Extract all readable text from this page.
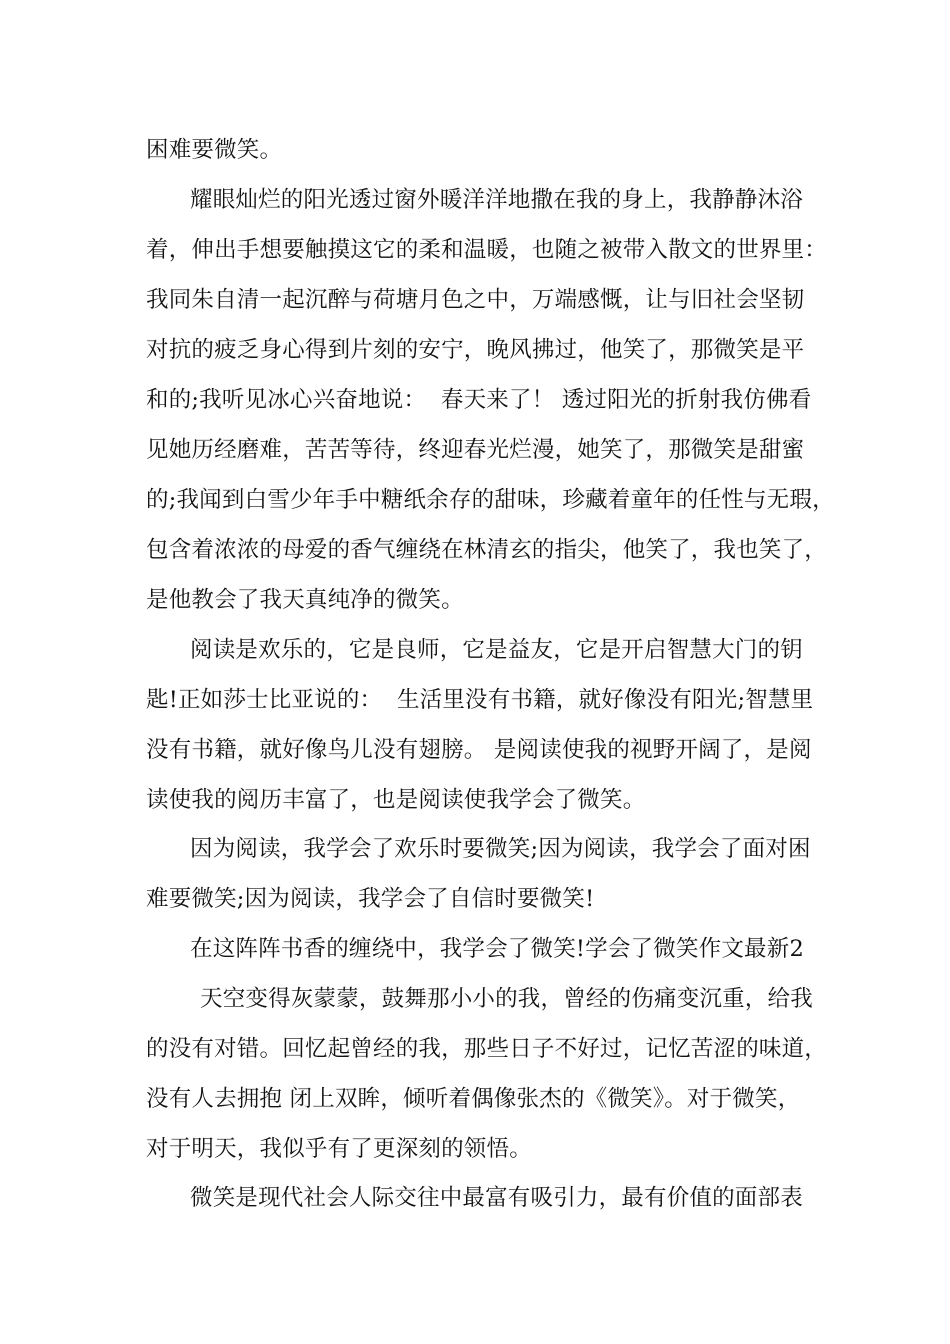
困难要微笑。
耀眼灿烂的阳光透过窗外暖洋洋地撒在我的身上，我静静沐浴
着，伸出手想要触摸这它的柔和温暖，也随之被带入散文的世界里：
我同朱自清一起沉醉与荷塘月色之中，万端感慨，让与旧社会坚韧
对抗的疲乏身心得到片刻的安宁，晚风拂过，他笑了，那微笑是平
和的;我听见冰心兴奋地说：  春天来了！ 透过阳光的折射我仿佛看
见她历经磨难，苦苦等待，终迎春光烂漫，她笑了，那微笑是甜蜜
的;我闻到白雪少年手中糖纸余存的甜味，珍藏着童年的任性与无瑕，
包含着浓浓的母爱的香气缠绕在林清玄的指尖，他笑了，我也笑了，
是他教会了我天真纯净的微笑。
阅读是欢乐的，它是良师，它是益友，它是开启智慧大门的钥
匙!正如莎士比亚说的：  生活里没有书籍，就好像没有阳光;智慧里
没有书籍，就好像鸟儿没有翅膀。 是阅读使我的视野开阔了，是阅
读使我的阅历丰富了，也是阅读使我学会了微笑。
因为阅读，我学会了欢乐时要微笑;因为阅读，我学会了面对困
难要微笑;因为阅读，我学会了自信时要微笑!
在这阵阵书香的缠绕中，我学会了微笑!学会了微笑作文最新2
天空变得灰蒙蒙，鼓舞那小小的我，曾经的伤痛变沉重，给我
的没有对错。回忆起曾经的我，那些日子不好过，记忆苦涩的味道，
没有人去拥抱 闭上双眸，倾听着偶像张杰的《微笑》。对于微笑，
对于明天，我似乎有了更深刻的领悟。
微笑是现代社会人际交往中最富有吸引力，最有价值的面部表
